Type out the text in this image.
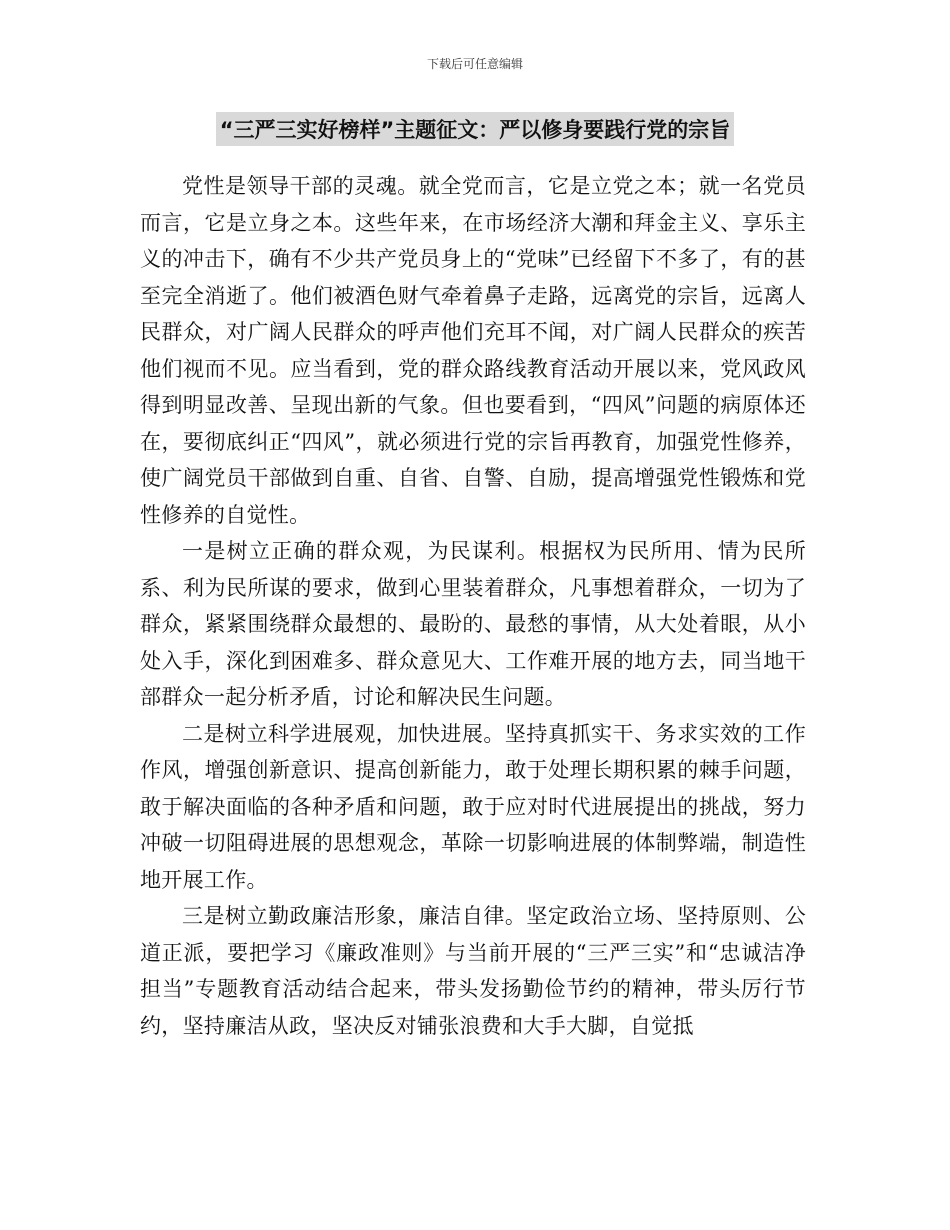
下载后可任意编辑
“三严三实好榜样”主题征文：严以修身要践行党的宗旨

党性是领导干部的灵魂。就全党而言，它是立党之本；就一名党员而言，它是立身之本。这些年来，在市场经济大潮和拜金主义、享乐主义的冲击下，确有不少共产党员身上的“党味”已经留下不多了，有的甚至完全消逝了。他们被酒色财气牵着鼻子走路，远离党的宗旨，远离人民群众，对广阔人民群众的呼声他们充耳不闻，对广阔人民群众的疾苦他们视而不见。应当看到，党的群众路线教育活动开展以来，党风政风得到明显改善、呈现出新的气象。但也要看到，“四风”问题的病原体还在，要彻底纠正“四风”，就必须进行党的宗旨再教育，加强党性修养，使广阔党员干部做到自重、自省、自警、自励，提高增强党性锻炼和党性修养的自觉性。

一是树立正确的群众观，为民谋利。根据权为民所用、情为民所系、利为民所谋的要求，做到心里装着群众，凡事想着群众，一切为了群众，紧紧围绕群众最想的、最盼的、最愁的事情，从大处着眼，从小处入手，深化到困难多、群众意见大、工作难开展的地方去，同当地干部群众一起分析矛盾，讨论和解决民生问题。

二是树立科学进展观，加快进展。坚持真抓实干、务求实效的工作作风，增强创新意识、提高创新能力，敢于处理长期积累的棘手问题，敢于解决面临的各种矛盾和问题，敢于应对时代进展提出的挑战，努力冲破一切阻碍进展的思想观念，革除一切影响进展的体制弊端，制造性地开展工作。

三是树立勤政廉洁形象，廉洁自律。坚定政治立场、坚持原则、公道正派，要把学习《廉政准则》与当前开展的“三严三实”和“忠诚洁净担当”专题教育活动结合起来，带头发扬勤俭节约的精神，带头厉行节约，坚持廉洁从政，坚决反对铺张浪费和大手大脚，自觉抵
